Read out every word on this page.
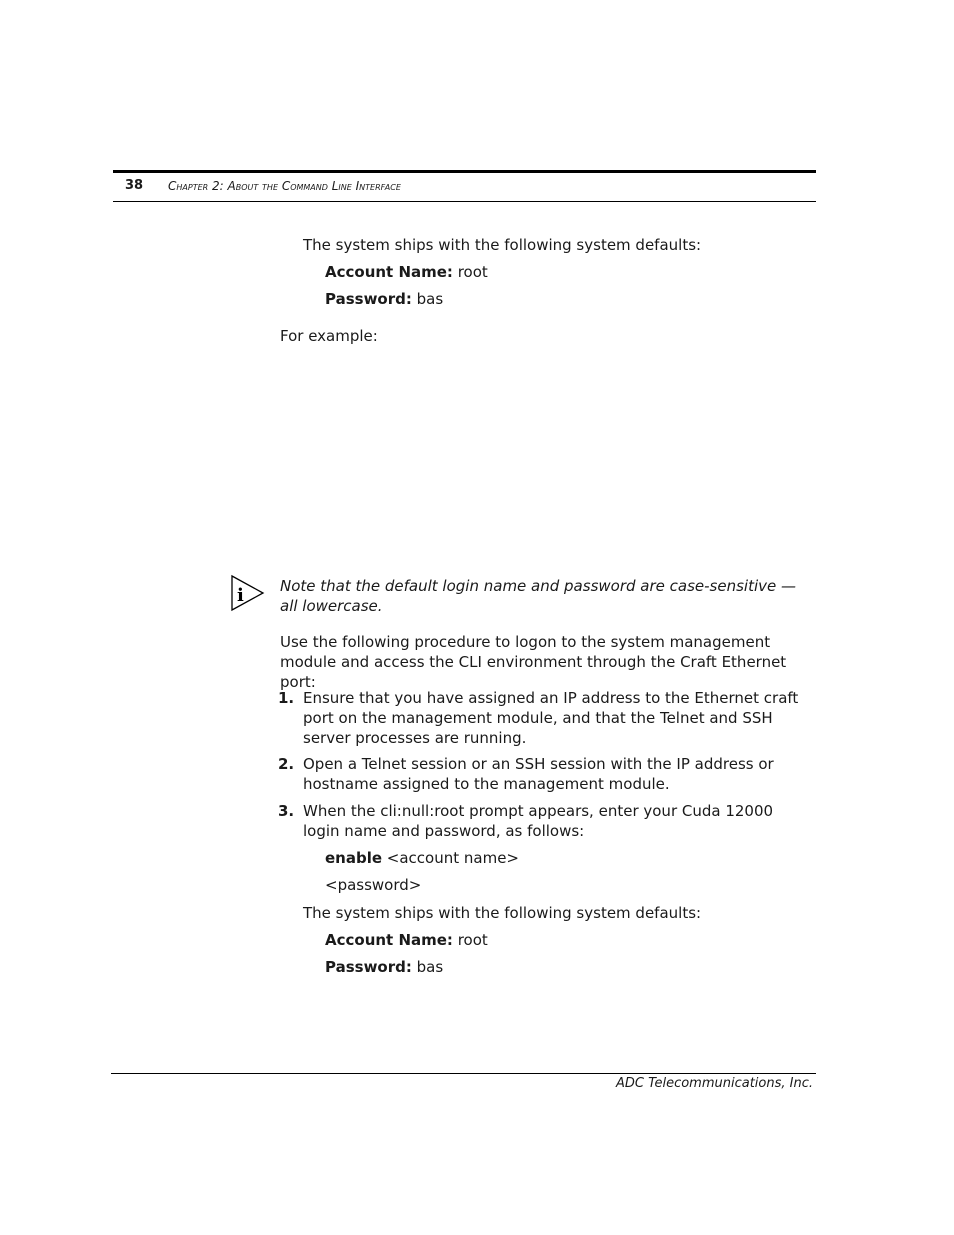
38 Chapter 2: About the Command Line Interface
The system ships with the following system defaults:
Account Name: root
Password: bas
For example:
i Note that the default login name and password are case-sensitive — all lowercase.
Use the following procedure to logon to the system management module and access the CLI environment through the Craft Ethernet port:
1. Ensure that you have assigned an IP address to the Ethernet craft port on the management module, and that the Telnet and SSH server processes are running.
2. Open a Telnet session or an SSH session with the IP address or hostname assigned to the management module.
3. When the cli:null:root prompt appears, enter your Cuda 12000 login name and password, as follows:
enable <account name>
<password>
The system ships with the following system defaults:
Account Name: root
Password: bas
ADC Telecommunications, Inc.
